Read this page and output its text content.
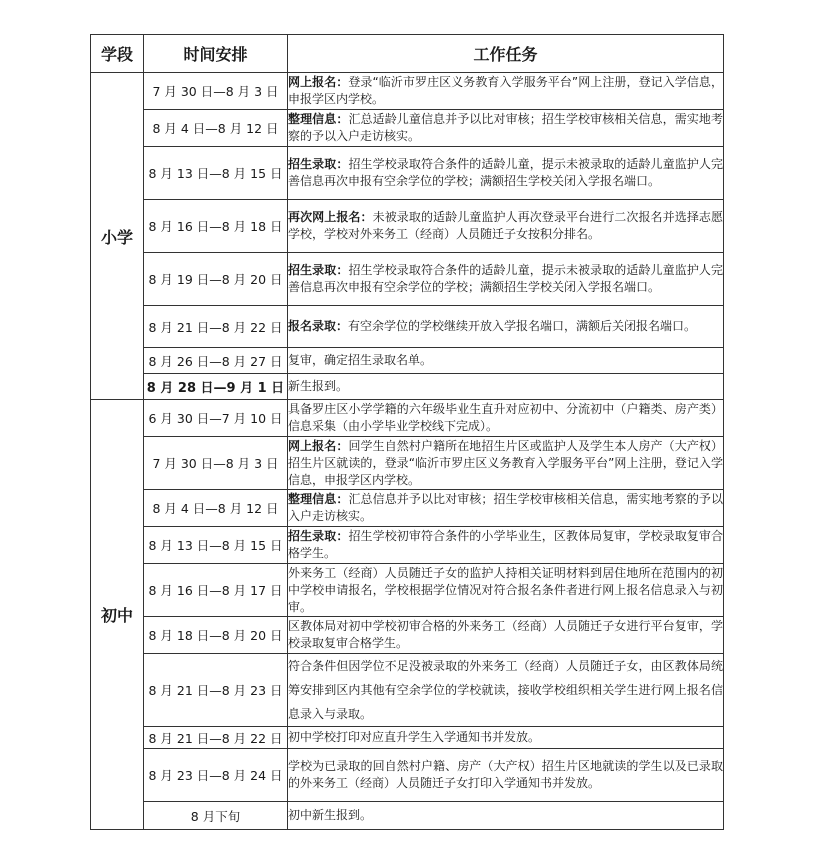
学段	时间安排	工作任务
小学	7 月 30 日—8 月 3 日	网上报名：登录“临沂市罗庄区义务教育入学服务平台”网上注册，登记入学信息，申报学区内学校。
	8 月 4 日—8 月 12 日	整理信息：汇总适龄儿童信息并予以比对审核；招生学校审核相关信息，需实地考察的予以入户走访核实。
	8 月 13 日—8 月 15 日	招生录取：招生学校录取符合条件的适龄儿童，提示未被录取的适龄儿童监护人完善信息再次申报有空余学位的学校；满额招生学校关闭入学报名端口。
	8 月 16 日—8 月 18 日	再次网上报名：未被录取的适龄儿童监护人再次登录平台进行二次报名并选择志愿学校，学校对外来务工（经商）人员随迁子女按积分排名。
	8 月 19 日—8 月 20 日	招生录取：招生学校录取符合条件的适龄儿童，提示未被录取的适龄儿童监护人完善信息再次申报有空余学位的学校；满额招生学校关闭入学报名端口。
	8 月 21 日—8 月 22 日	报名录取：有空余学位的学校继续开放入学报名端口，满额后关闭报名端口。
	8 月 26 日—8 月 27 日	复审，确定招生录取名单。
	8 月 28 日—9 月 1 日	新生报到。
初中	6 月 30 日—7 月 10 日	具备罗庄区小学学籍的六年级毕业生直升对应初中、分流初中（户籍类、房产类）信息采集（由小学毕业学校线下完成）。
	7 月 30 日—8 月 3 日	网上报名：回学生自然村户籍所在地招生片区或监护人及学生本人房产（大产权）招生片区就读的，登录“临沂市罗庄区义务教育入学服务平台”网上注册，登记入学信息，申报学区内学校。
	8 月 4 日—8 月 12 日	整理信息：汇总信息并予以比对审核；招生学校审核相关信息，需实地考察的予以入户走访核实。
	8 月 13 日—8 月 15 日	招生录取：招生学校初审符合条件的小学毕业生，区教体局复审，学校录取复审合格学生。
	8 月 16 日—8 月 17 日	外来务工（经商）人员随迁子女的监护人持相关证明材料到居住地所在范围内的初中学校申请报名，学校根据学位情况对符合报名条件者进行网上报名信息录入与初审。
	8 月 18 日—8 月 20 日	区教体局对初中学校初审合格的外来务工（经商）人员随迁子女进行平台复审，学校录取复审合格学生。
	8 月 21 日—8 月 23 日	符合条件但因学位不足没被录取的外来务工（经商）人员随迁子女，由区教体局统筹安排到区内其他有空余学位的学校就读，接收学校组织相关学生进行网上报名信息录入与录取。
	8 月 21 日—8 月 22 日	初中学校打印对应直升学生入学通知书并发放。
	8 月 23 日—8 月 24 日	学校为已录取的回自然村户籍、房产（大产权）招生片区地就读的学生以及已录取的外来务工（经商）人员随迁子女打印入学通知书并发放。
	8 月下旬	初中新生报到。
